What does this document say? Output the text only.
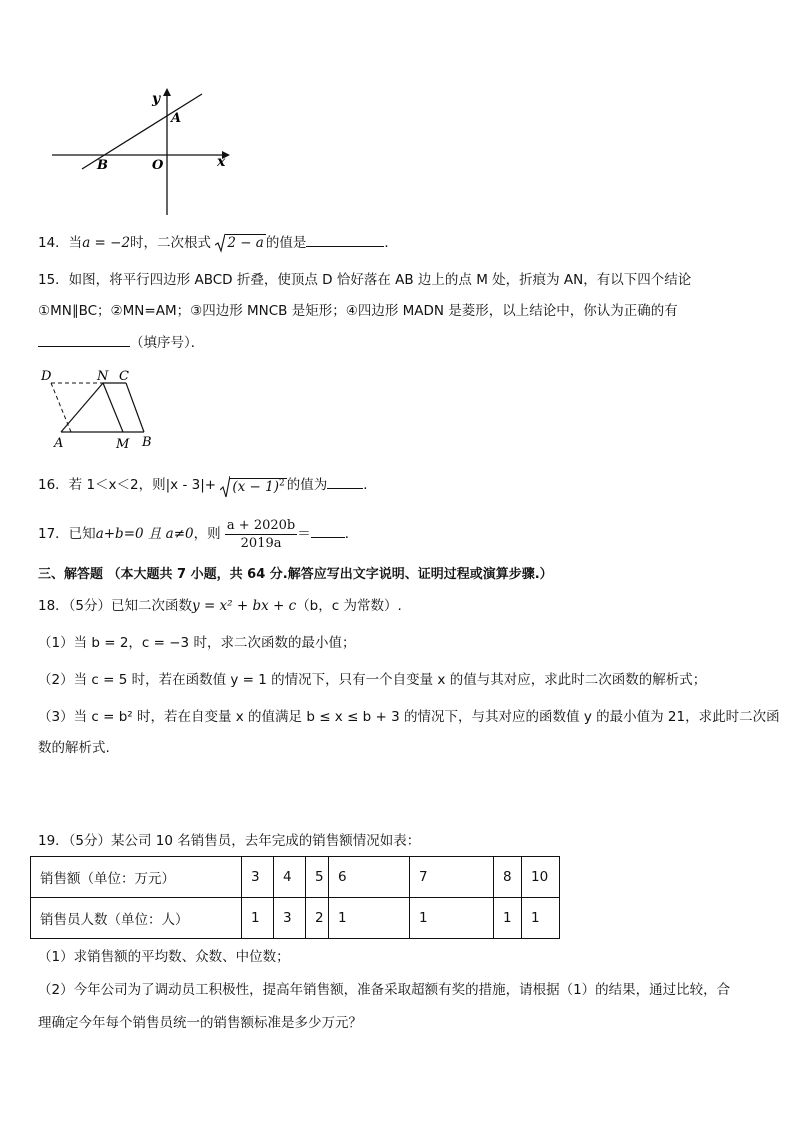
y
A
B	O	x
14．当a = −2时，二次根式 2 − a 的值是	．
15．如图，将平行四边形 ABCD 折叠，使顶点 D 恰好落在 AB 边上的点 M 处，折痕为 AN，有以下四个结论
①MN∥BC；②MN=AM；③四边形 MNCB 是矩形；④四边形 MADN 是菱形，以上结论中，你认为正确的有
（填序号）．
D	N C
A	M B
16．若 1＜x＜2，则$|x - 3|+ (x - 1)^2$ 的值为	．
17．已知a+b=0 且 a≠0，则 $\frac{a + 2020b}{2019a}$ ＝	．
三、解答题 （本大题共 7 小题，共 64 分.解答应写出文字说明、证明过程或演算步骤.）
18．（5分）已知二次函数y = x² + bx + c（b，c 为常数）.
（1）当 b = 2，c = −3 时，求二次函数的最小值；
（2）当 c = 5 时，若在函数值 y = 1 的情况下，只有一个自变量 x 的值与其对应，求此时二次函数的解析式；
（3）当 c = b² 时，若在自变量 x 的值满足 b ≤ x ≤ b + 3 的情况下，与其对应的函数值 y 的最小值为 21，求此时二次函
数的解析式.
19．（5分）某公司 10 名销售员，去年完成的销售额情况如表：
销售额（单位：万元）	3	4	5	6	7	8	10
销售员人数（单位：人）	1	3	2	1	1	1	1
（1）求销售额的平均数、众数、中位数；
（2）今年公司为了调动员工积极性，提高年销售额，准备采取超额有奖的措施，请根据（1）的结果，通过比较，合
理确定今年每个销售员统一的销售额标准是多少万元？
